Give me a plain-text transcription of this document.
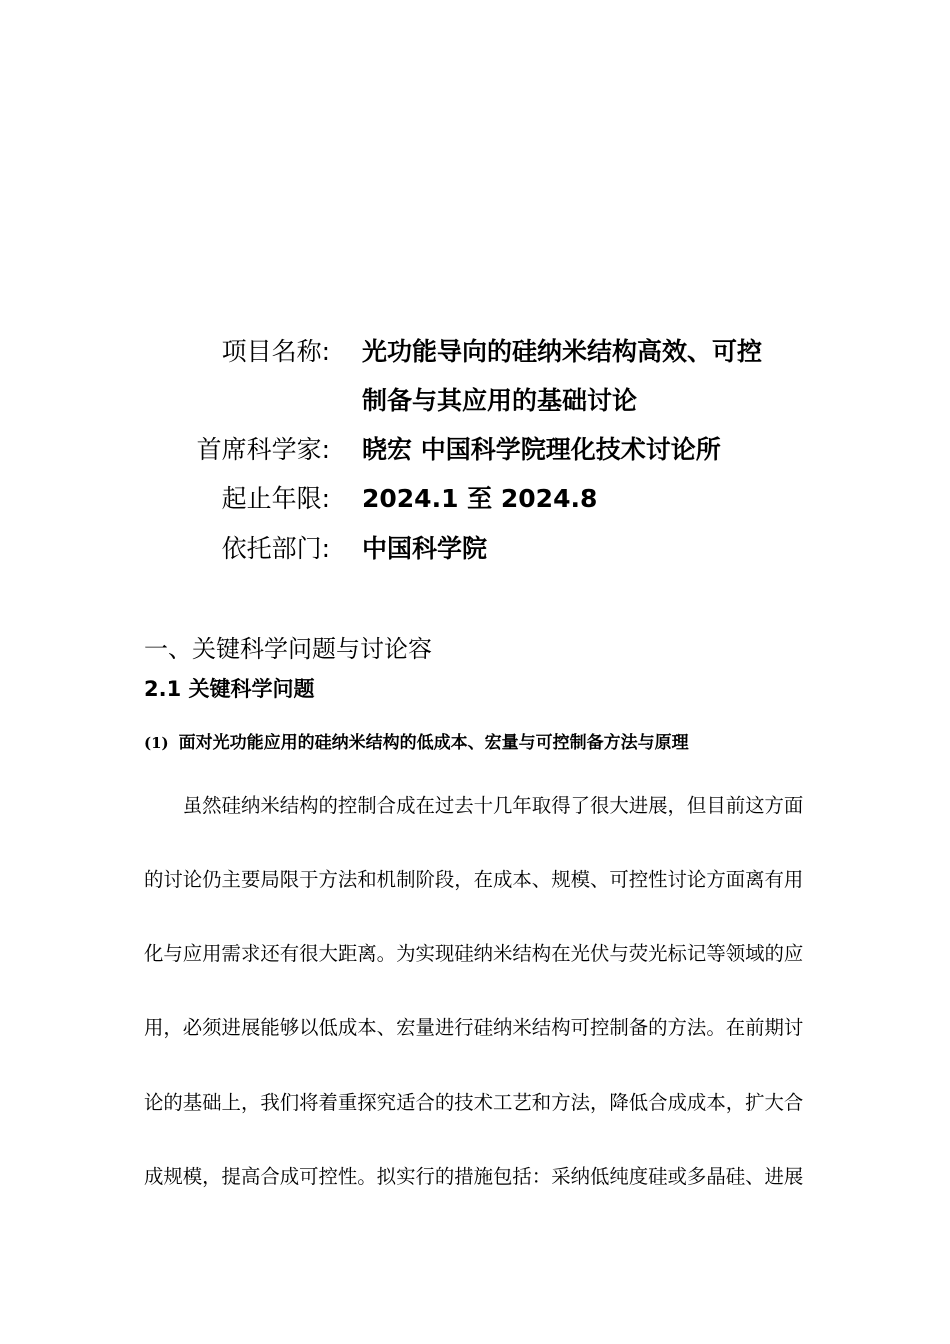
项目名称: 光功能导向的硅纳米结构高效、可控
制备与其应用的基础讨论
首席科学家: 晓宏 中国科学院理化技术讨论所
起止年限: 2024.1 至 2024.8
依托部门: 中国科学院
一、关键科学问题与讨论容
2.1 关键科学问题
(1) 面对光功能应用的硅纳米结构的低成本、宏量与可控制备方法与原理
　　虽然硅纳米结构的控制合成在过去十几年取得了很大进展，但目前这方面
的讨论仍主要局限于方法和机制阶段，在成本、规模、可控性讨论方面离有用
化与应用需求还有很大距离。为实现硅纳米结构在光伏与荧光标记等领域的应
用，必须进展能够以低成本、宏量进行硅纳米结构可控制备的方法。在前期讨
论的基础上，我们将着重探究适合的技术工艺和方法，降低合成成本，扩大合
成规模，提高合成可控性。拟实行的措施包括：采纳低纯度硅或多晶硅、进展
